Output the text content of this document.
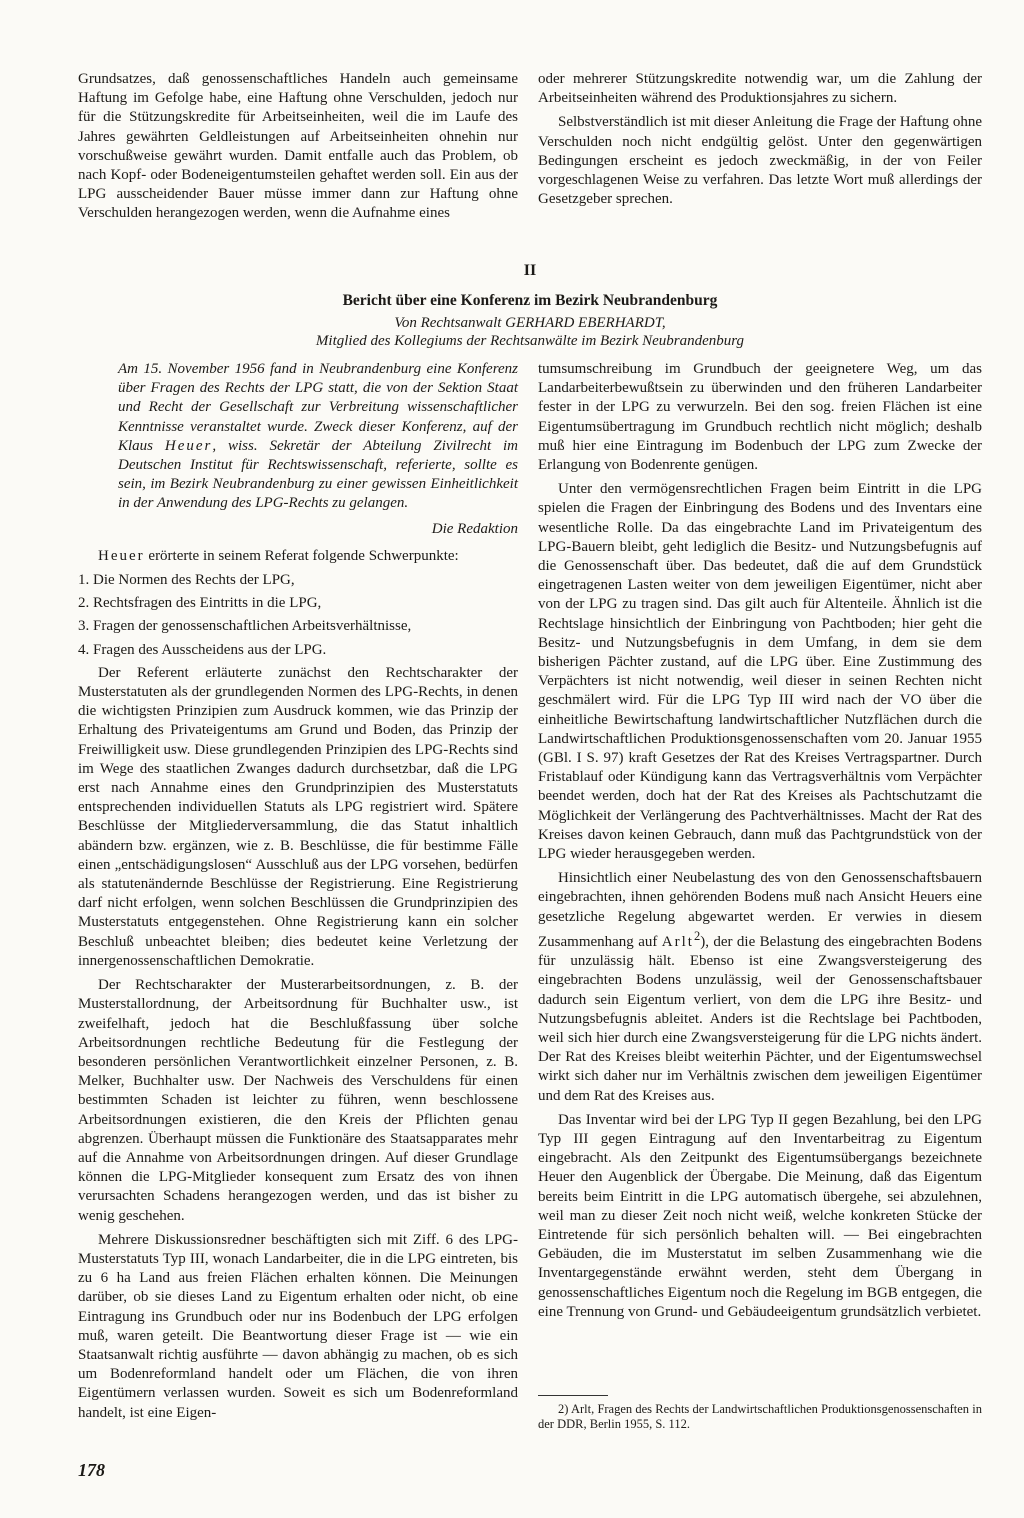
Grundsatzes, daß genossenschaftliches Handeln auch gemeinsame Haftung im Gefolge habe, eine Haftung ohne Verschulden, jedoch nur für die Stützungskredite für Arbeitseinheiten, weil die im Laufe des Jahres gewährten Geldleistungen auf Arbeitseinheiten ohnehin nur vorschußweise gewährt wurden. Damit entfalle auch das Problem, ob nach Kopf- oder Bodeneigentumsteilen gehaftet werden soll. Ein aus der LPG ausscheidender Bauer müsse immer dann zur Haftung ohne Verschulden herangezogen werden, wenn die Aufnahme eines

oder mehrerer Stützungskredite notwendig war, um die Zahlung der Arbeitseinheiten während des Produktionsjahres zu sichern.

Selbstverständlich ist mit dieser Anleitung die Frage der Haftung ohne Verschulden noch nicht endgültig gelöst. Unter den gegenwärtigen Bedingungen erscheint es jedoch zweckmäßig, in der von Feiler vorgeschlagenen Weise zu verfahren. Das letzte Wort muß allerdings der Gesetzgeber sprechen.

II
Bericht über eine Konferenz im Bezirk Neubrandenburg
Von Rechtsanwalt GERHARD EBERHARDT,
Mitglied des Kollegiums der Rechtsanwälte im Bezirk Neubrandenburg
Am 15. November 1956 fand in Neubrandenburg eine Konferenz über Fragen des Rechts der LPG statt, die von der Sektion Staat und Recht der Gesellschaft zur Verbreitung wissenschaftlicher Kenntnisse veranstaltet wurde. Zweck dieser Konferenz, auf der Klaus Heuer, wiss. Sekretär der Abteilung Zivilrecht im Deutschen Institut für Rechtswissenschaft, referierte, sollte es sein, im Bezirk Neubrandenburg zu einer gewissen Einheitlichkeit in der Anwendung des LPG-Rechts zu gelangen.
Die Redaktion

Heuer erörterte in seinem Referat folgende Schwerpunkte:

1. Die Normen des Rechts der LPG,
2. Rechtsfragen des Eintritts in die LPG,
3. Fragen der genossenschaftlichen Arbeitsverhältnisse,
4. Fragen des Ausscheidens aus der LPG.

Der Referent erläuterte zunächst den Rechtscharakter der Musterstatuten als der grundlegenden Normen des LPG-Rechts, in denen die wichtigsten Prinzipien zum Ausdruck kommen, wie das Prinzip der Erhaltung des Privateigentums am Grund und Boden, das Prinzip der Freiwilligkeit usw. Diese grundlegenden Prinzipien des LPG-Rechts sind im Wege des staatlichen Zwanges dadurch durchsetzbar, daß die LPG erst nach Annahme eines den Grundprinzipien des Musterstatuts entsprechenden individuellen Statuts als LPG registriert wird. Spätere Beschlüsse der Mitgliederversammlung, die das Statut inhaltlich abändern bzw. ergänzen, wie z. B. Beschlüsse, die für bestimme Fälle einen „entschädigungslosen“ Ausschluß aus der LPG vorsehen, bedürfen als statutenändernde Beschlüsse der Registrierung. Eine Registrierung darf nicht erfolgen, wenn solchen Beschlüssen die Grundprinzipien des Musterstatuts entgegenstehen. Ohne Registrierung kann ein solcher Beschluß unbeachtet bleiben; dies bedeutet keine Verletzung der innergenossenschaftlichen Demokratie.

Der Rechtscharakter der Musterarbeitsordnungen, z. B. der Musterstallordnung, der Arbeitsordnung für Buchhalter usw., ist zweifelhaft, jedoch hat die Beschlußfassung über solche Arbeitsordnungen rechtliche Bedeutung für die Festlegung der besonderen persönlichen Verantwortlichkeit einzelner Personen, z. B. Melker, Buchhalter usw. Der Nachweis des Verschuldens für einen bestimmten Schaden ist leichter zu führen, wenn beschlossene Arbeitsordnungen existieren, die den Kreis der Pflichten genau abgrenzen. Überhaupt müssen die Funktionäre des Staatsapparates mehr auf die Annahme von Arbeitsordnungen dringen. Auf dieser Grundlage können die LPG-Mitglieder konsequent zum Ersatz des von ihnen verursachten Schadens herangezogen werden, und das ist bisher zu wenig geschehen.

Mehrere Diskussionsredner beschäftigten sich mit Ziff. 6 des LPG-Musterstatuts Typ III, wonach Landarbeiter, die in die LPG eintreten, bis zu 6 ha Land aus freien Flächen erhalten können. Die Meinungen darüber, ob sie dieses Land zu Eigentum erhalten oder nicht, ob eine Eintragung ins Grundbuch oder nur ins Bodenbuch der LPG erfolgen muß, waren geteilt. Die Beantwortung dieser Frage ist — wie ein Staatsanwalt richtig ausführte — davon abhängig zu machen, ob es sich um Bodenreformland handelt oder um Flächen, die von ihren Eigentümern verlassen wurden. Soweit es sich um Bodenreformland handelt, ist eine Eigen-

tumsumschreibung im Grundbuch der geeignetere Weg, um das Landarbeiterbewußtsein zu überwinden und den früheren Landarbeiter fester in der LPG zu verwurzeln. Bei den sog. freien Flächen ist eine Eigentumsübertragung im Grundbuch rechtlich nicht möglich; deshalb muß hier eine Eintragung im Bodenbuch der LPG zum Zwecke der Erlangung von Bodenrente genügen.

Unter den vermögensrechtlichen Fragen beim Eintritt in die LPG spielen die Fragen der Einbringung des Bodens und des Inventars eine wesentliche Rolle. Da das eingebrachte Land im Privateigentum des LPG-Bauern bleibt, geht lediglich die Besitz- und Nutzungsbefugnis auf die Genossenschaft über. Das bedeutet, daß die auf dem Grundstück eingetragenen Lasten weiter von dem jeweiligen Eigentümer, nicht aber von der LPG zu tragen sind. Das gilt auch für Altenteile. Ähnlich ist die Rechtslage hinsichtlich der Einbringung von Pachtboden; hier geht die Besitz- und Nutzungsbefugnis in dem Umfang, in dem sie dem bisherigen Pächter zustand, auf die LPG über. Eine Zustimmung des Verpächters ist nicht notwendig, weil dieser in seinen Rechten nicht geschmälert wird. Für die LPG Typ III wird nach der VO über die einheitliche Bewirtschaftung landwirtschaftlicher Nutzflächen durch die Landwirtschaftlichen Produktionsgenossenschaften vom 20. Januar 1955 (GBl. I S. 97) kraft Gesetzes der Rat des Kreises Vertragspartner. Durch Fristablauf oder Kündigung kann das Vertragsverhältnis vom Verpächter beendet werden, doch hat der Rat des Kreises als Pachtschutzamt die Möglichkeit der Verlängerung des Pachtverhältnisses. Macht der Rat des Kreises davon keinen Gebrauch, dann muß das Pachtgrundstück von der LPG wieder herausgegeben werden.

Hinsichtlich einer Neubelastung des von den Genossenschaftsbauern eingebrachten, ihnen gehörenden Bodens muß nach Ansicht Heuers eine gesetzliche Regelung abgewartet werden. Er verwies in diesem Zusammenhang auf Arlt$^2$), der die Belastung des eingebrachten Bodens für unzulässig hält. Ebenso ist eine Zwangsversteigerung des eingebrachten Bodens unzulässig, weil der Genossenschaftsbauer dadurch sein Eigentum verliert, von dem die LPG ihre Besitz- und Nutzungsbefugnis ableitet. Anders ist die Rechtslage bei Pachtboden, weil sich hier durch eine Zwangsversteigerung für die LPG nichts ändert. Der Rat des Kreises bleibt weiterhin Pächter, und der Eigentumswechsel wirkt sich daher nur im Verhältnis zwischen dem jeweiligen Eigentümer und dem Rat des Kreises aus.

Das Inventar wird bei der LPG Typ II gegen Bezahlung, bei den LPG Typ III gegen Eintragung auf den Inventarbeitrag zu Eigentum eingebracht. Als den Zeitpunkt des Eigentumsübergangs bezeichnete Heuer den Augenblick der Übergabe. Die Meinung, daß das Eigentum bereits beim Eintritt in die LPG automatisch übergehe, sei abzulehnen, weil man zu dieser Zeit noch nicht weiß, welche konkreten Stücke der Eintretende für sich persönlich behalten will. — Bei eingebrachten Gebäuden, die im Musterstatut im selben Zusammenhang wie die Inventargegenstände erwähnt werden, steht dem Übergang in genossenschaftliches Eigentum noch die Regelung im BGB entgegen, die eine Trennung von Grund- und Gebäudeeigentum grundsätzlich verbietet.

2) Arlt, Fragen des Rechts der Landwirtschaftlichen Produktionsgenossenschaften in der DDR, Berlin 1955, S. 112.
178
